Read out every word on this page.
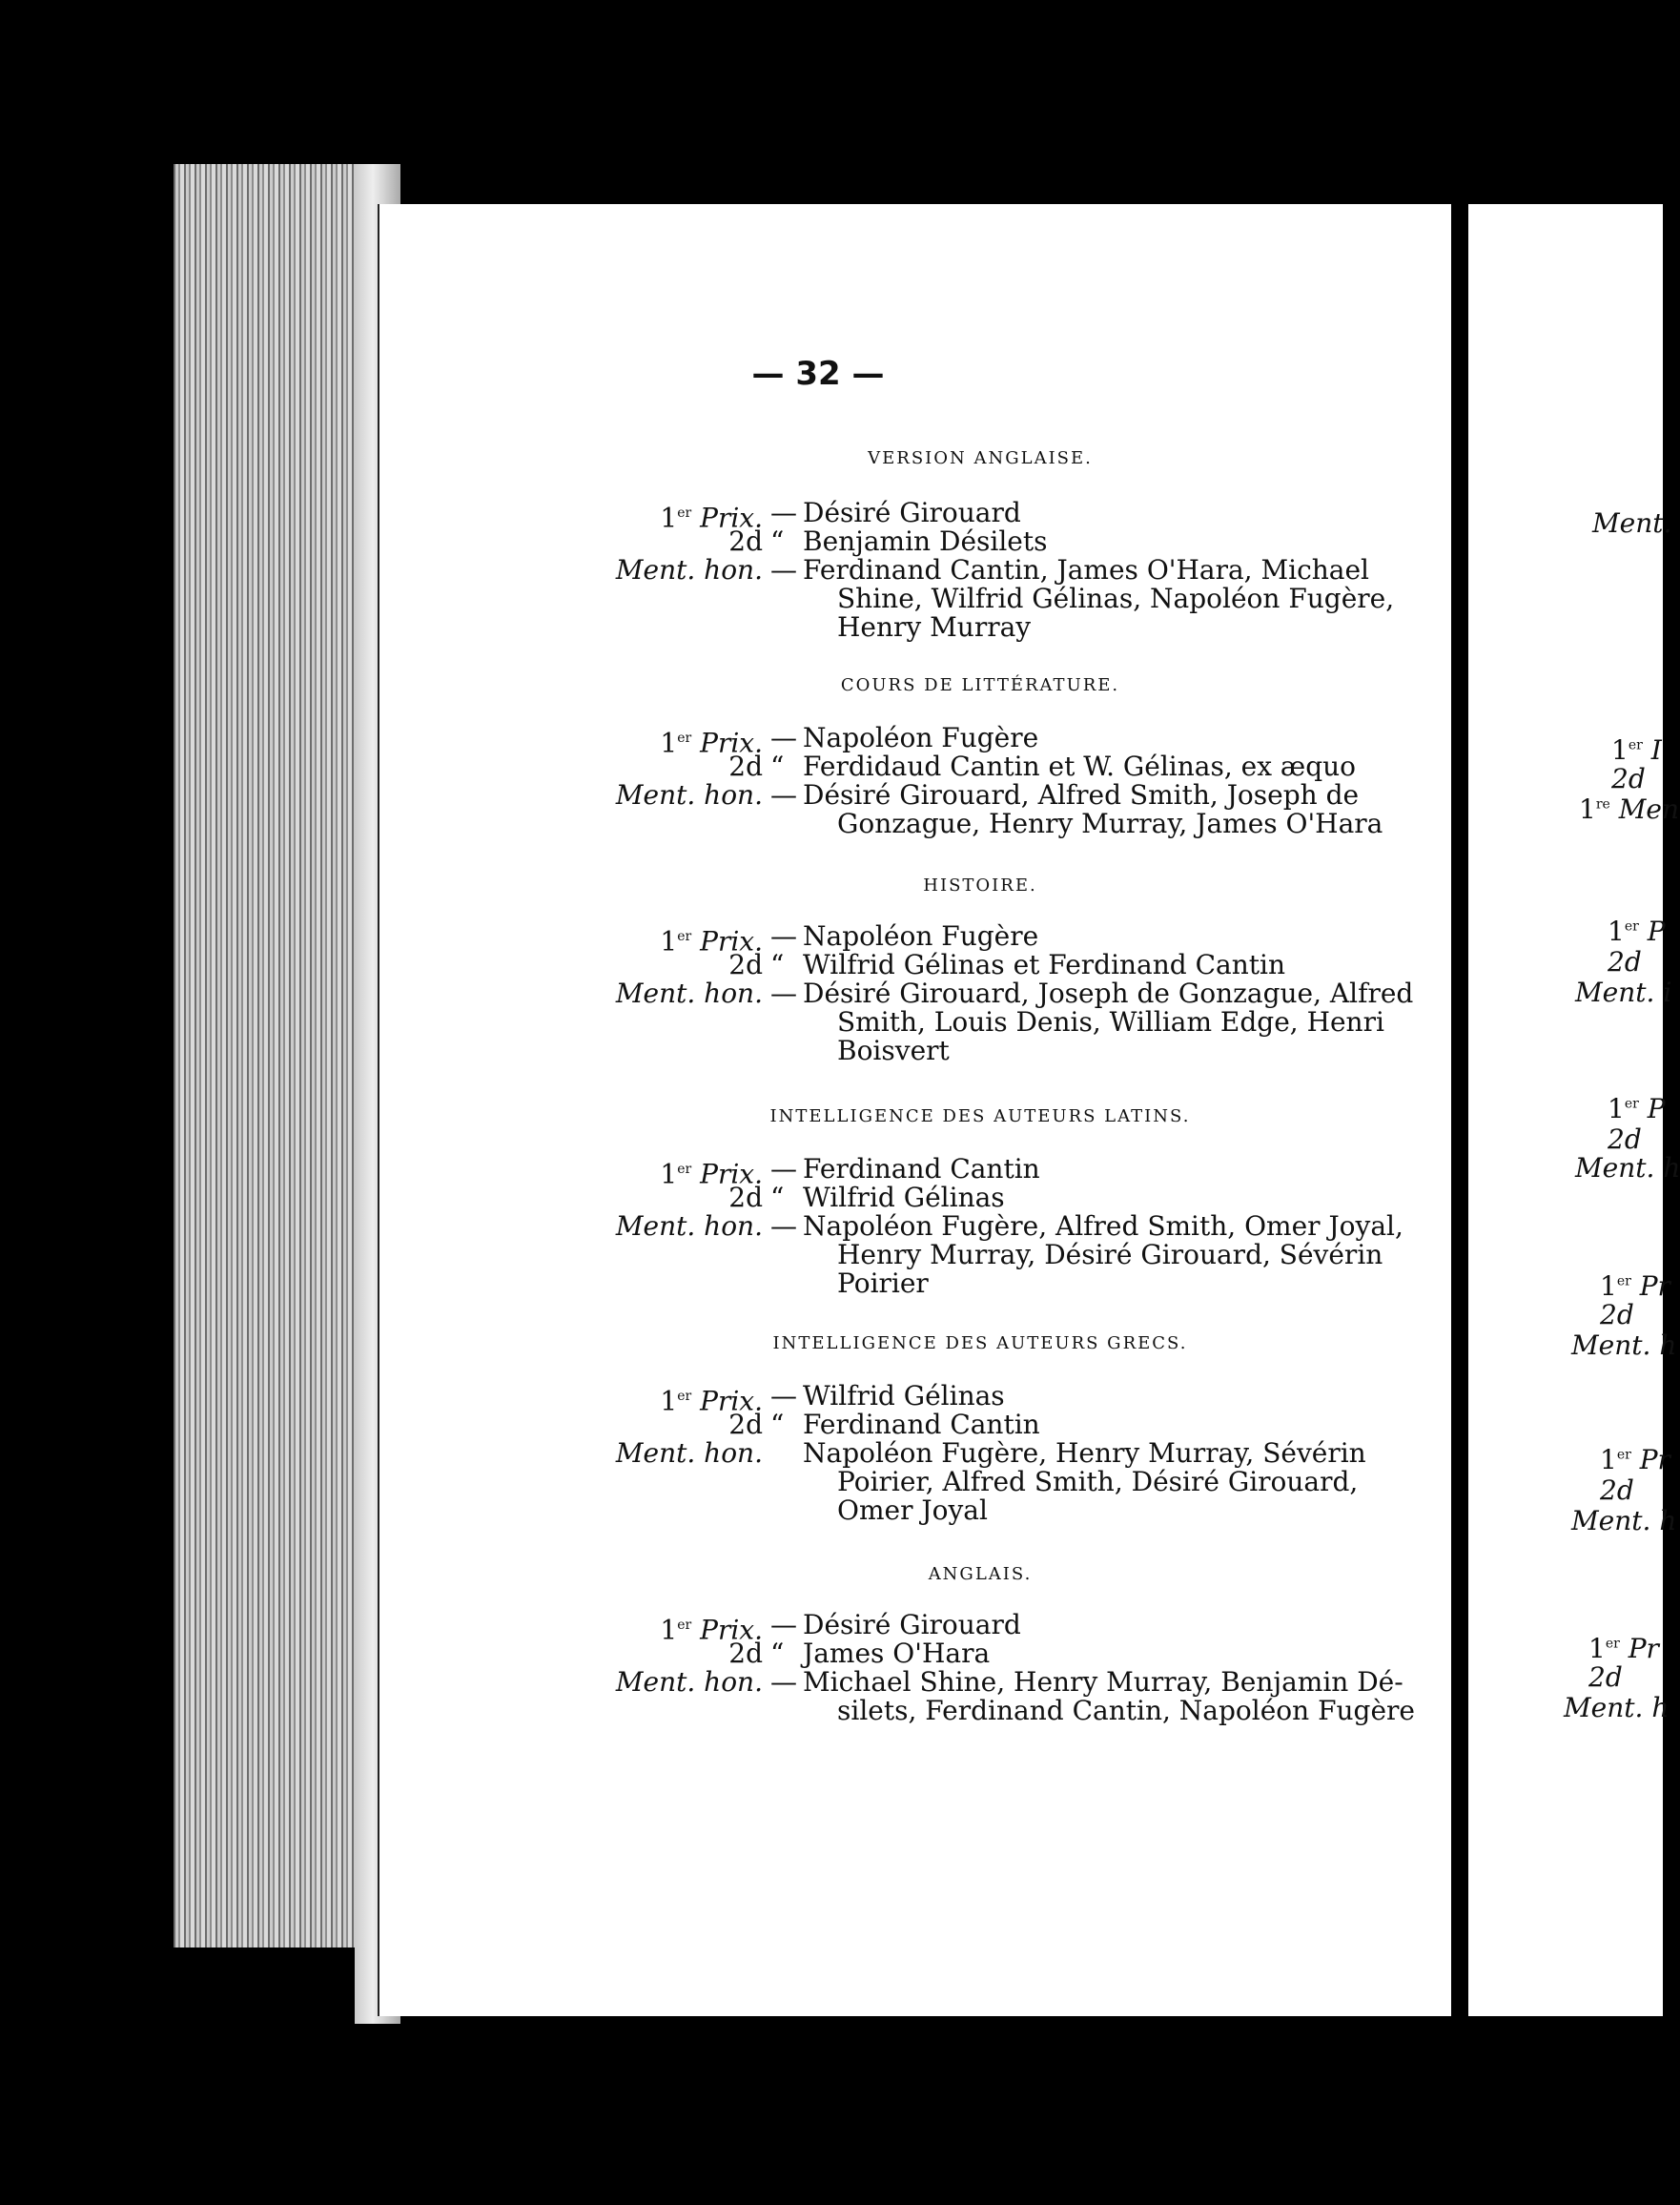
— 32 —
VERSION ANGLAISE.
1er Prix. — Désiré Girouard
2d “ Benjamin Désilets
Ment. hon. — Ferdinand Cantin, James O'Hara, Michael
Shine, Wilfrid Gélinas, Napoléon Fugère,
Henry Murray
COURS DE LITTÉRATURE.
1er Prix. — Napoléon Fugère
2d “ Ferdidaud Cantin et W. Gélinas, ex æquo
Ment. hon. — Désiré Girouard, Alfred Smith, Joseph de
Gonzague, Henry Murray, James O'Hara
HISTOIRE.
1er Prix. — Napoléon Fugère
2d “ Wilfrid Gélinas et Ferdinand Cantin
Ment. hon. — Désiré Girouard, Joseph de Gonzague, Alfred
Smith, Louis Denis, William Edge, Henri
Boisvert
INTELLIGENCE DES AUTEURS LATINS.
1er Prix. — Ferdinand Cantin
2d “ Wilfrid Gélinas
Ment. hon. — Napoléon Fugère, Alfred Smith, Omer Joyal,
Henry Murray, Désiré Girouard, Sévérin
Poirier
INTELLIGENCE DES AUTEURS GRECS.
1er Prix. — Wilfrid Gélinas
2d “ Ferdinand Cantin
Ment. hon. Napoléon Fugère, Henry Murray, Sévérin
Poirier, Alfred Smith, Désiré Girouard,
Omer Joyal
ANGLAIS.
1er Prix. — Désiré Girouard
2d “ James O'Hara
Ment. hon. — Michael Shine, Henry Murray, Benjamin Dé-
silets, Ferdinand Cantin, Napoléon Fugère
Ment.
1er I
2d
1re Men
1er P
2d
Ment. i
1er P
2d
Ment. h
1er Pr
2d
Ment. h
1er Pr
2d
Ment. h
1er Pr
2d
Ment. h
